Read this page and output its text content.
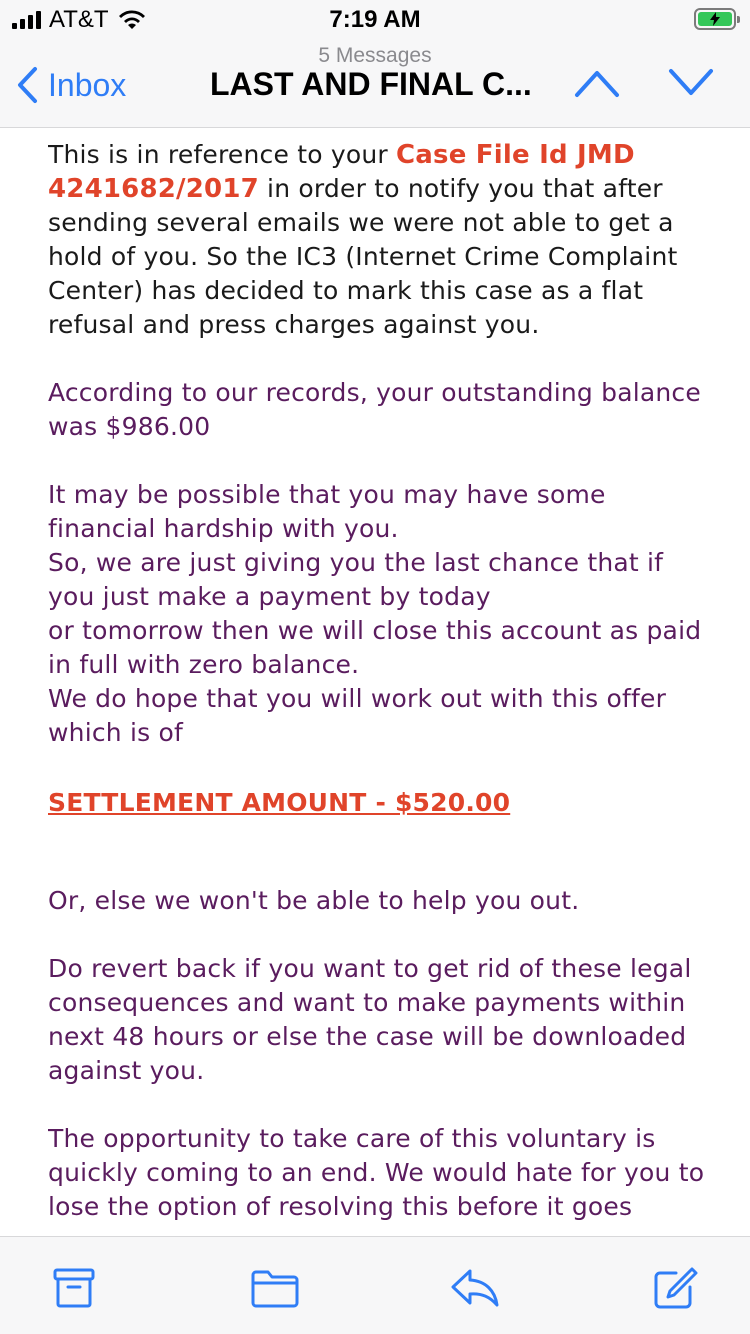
AT&T	7:19 AM
5 Messages
Inbox	LAST AND FINAL C...

This is in reference to your Case File Id JMD 4241682/2017 in order to notify you that after sending several emails we were not able to get a hold of you. So the IC3 (Internet Crime Complaint Center) has decided to mark this case as a flat refusal and press charges against you.

According to our records, your outstanding balance was $986.00

It may be possible that you may have some financial hardship with you.

So, we are just giving you the last chance that if you just make a payment by today

or tomorrow then we will close this account as paid in full with zero balance.

We do hope that you will work out with this offer which is of

SETTLEMENT AMOUNT - $520.00

Or, else we won't be able to help you out.

Do revert back if you want to get rid of these legal consequences and want to make payments within next 48 hours or else the case will be downloaded against you.

The opportunity to take care of this voluntary is quickly coming to an end. We would hate for you to lose the option of resolving this before it goes
